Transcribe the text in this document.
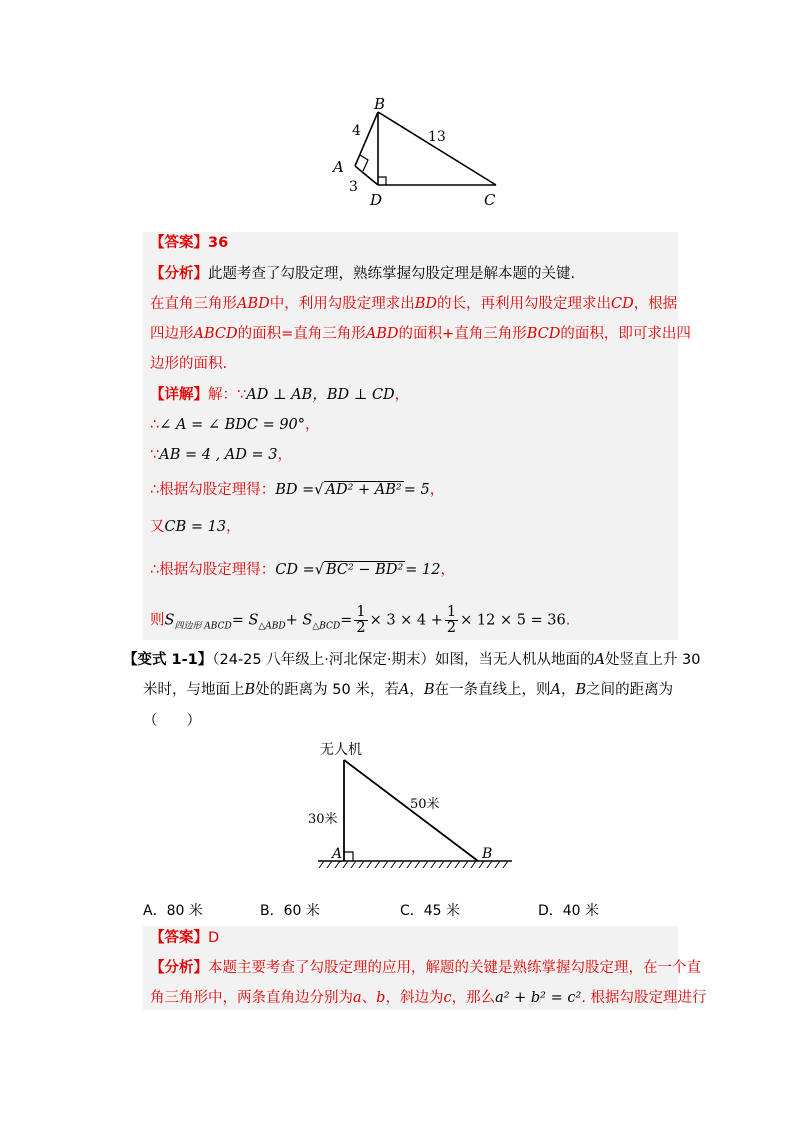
B
A
D	C
4
3
13
【答案】36
【分析】此题考查了勾股定理，熟练掌握勾股定理是解本题的关键.
在直角三角形ABD中，利用勾股定理求出BD的长，再利用勾股定理求出CD，根据
四边形ABCD的面积=直角三角形ABD的面积+直角三角形BCD的面积，即可求出四
边形的面积.
【详解】解：∵AD ⊥ AB，BD ⊥ CD，
∴∠ A = ∠ BDC = 90°，
∵AB = 4 , AD = 3，
∴根据勾股定理得：BD =√ AD² + AB² = 5，
又CB = 13，
∴根据勾股定理得：CD =√ BC² − BD² = 12，
则$S_{四边形 ABCD}= S_{\triangle ABD}+ S_{\triangle BCD}= \frac{1}{2} \times 3 \times 4 + \frac{1}{2} \times 12 \times 5 = 36$.
【变式 1-1】（24-25 八年级上·河北保定·期末）如图，当无人机从地面的A处竖直上升 30
米时，与地面上B处的距离为 50 米，若A，B在一条直线上，则A，B之间的距离为
（　　）
无人机
30米
50米
A	B
A．80 米	B．60 米	C．45 米	D．40 米
【答案】D
【分析】本题主要考查了勾股定理的应用，解题的关键是熟练掌握勾股定理，在一个直
角三角形中，两条直角边分别为a、b，斜边为c，那么a² + b² = c². 根据勾股定理进行
